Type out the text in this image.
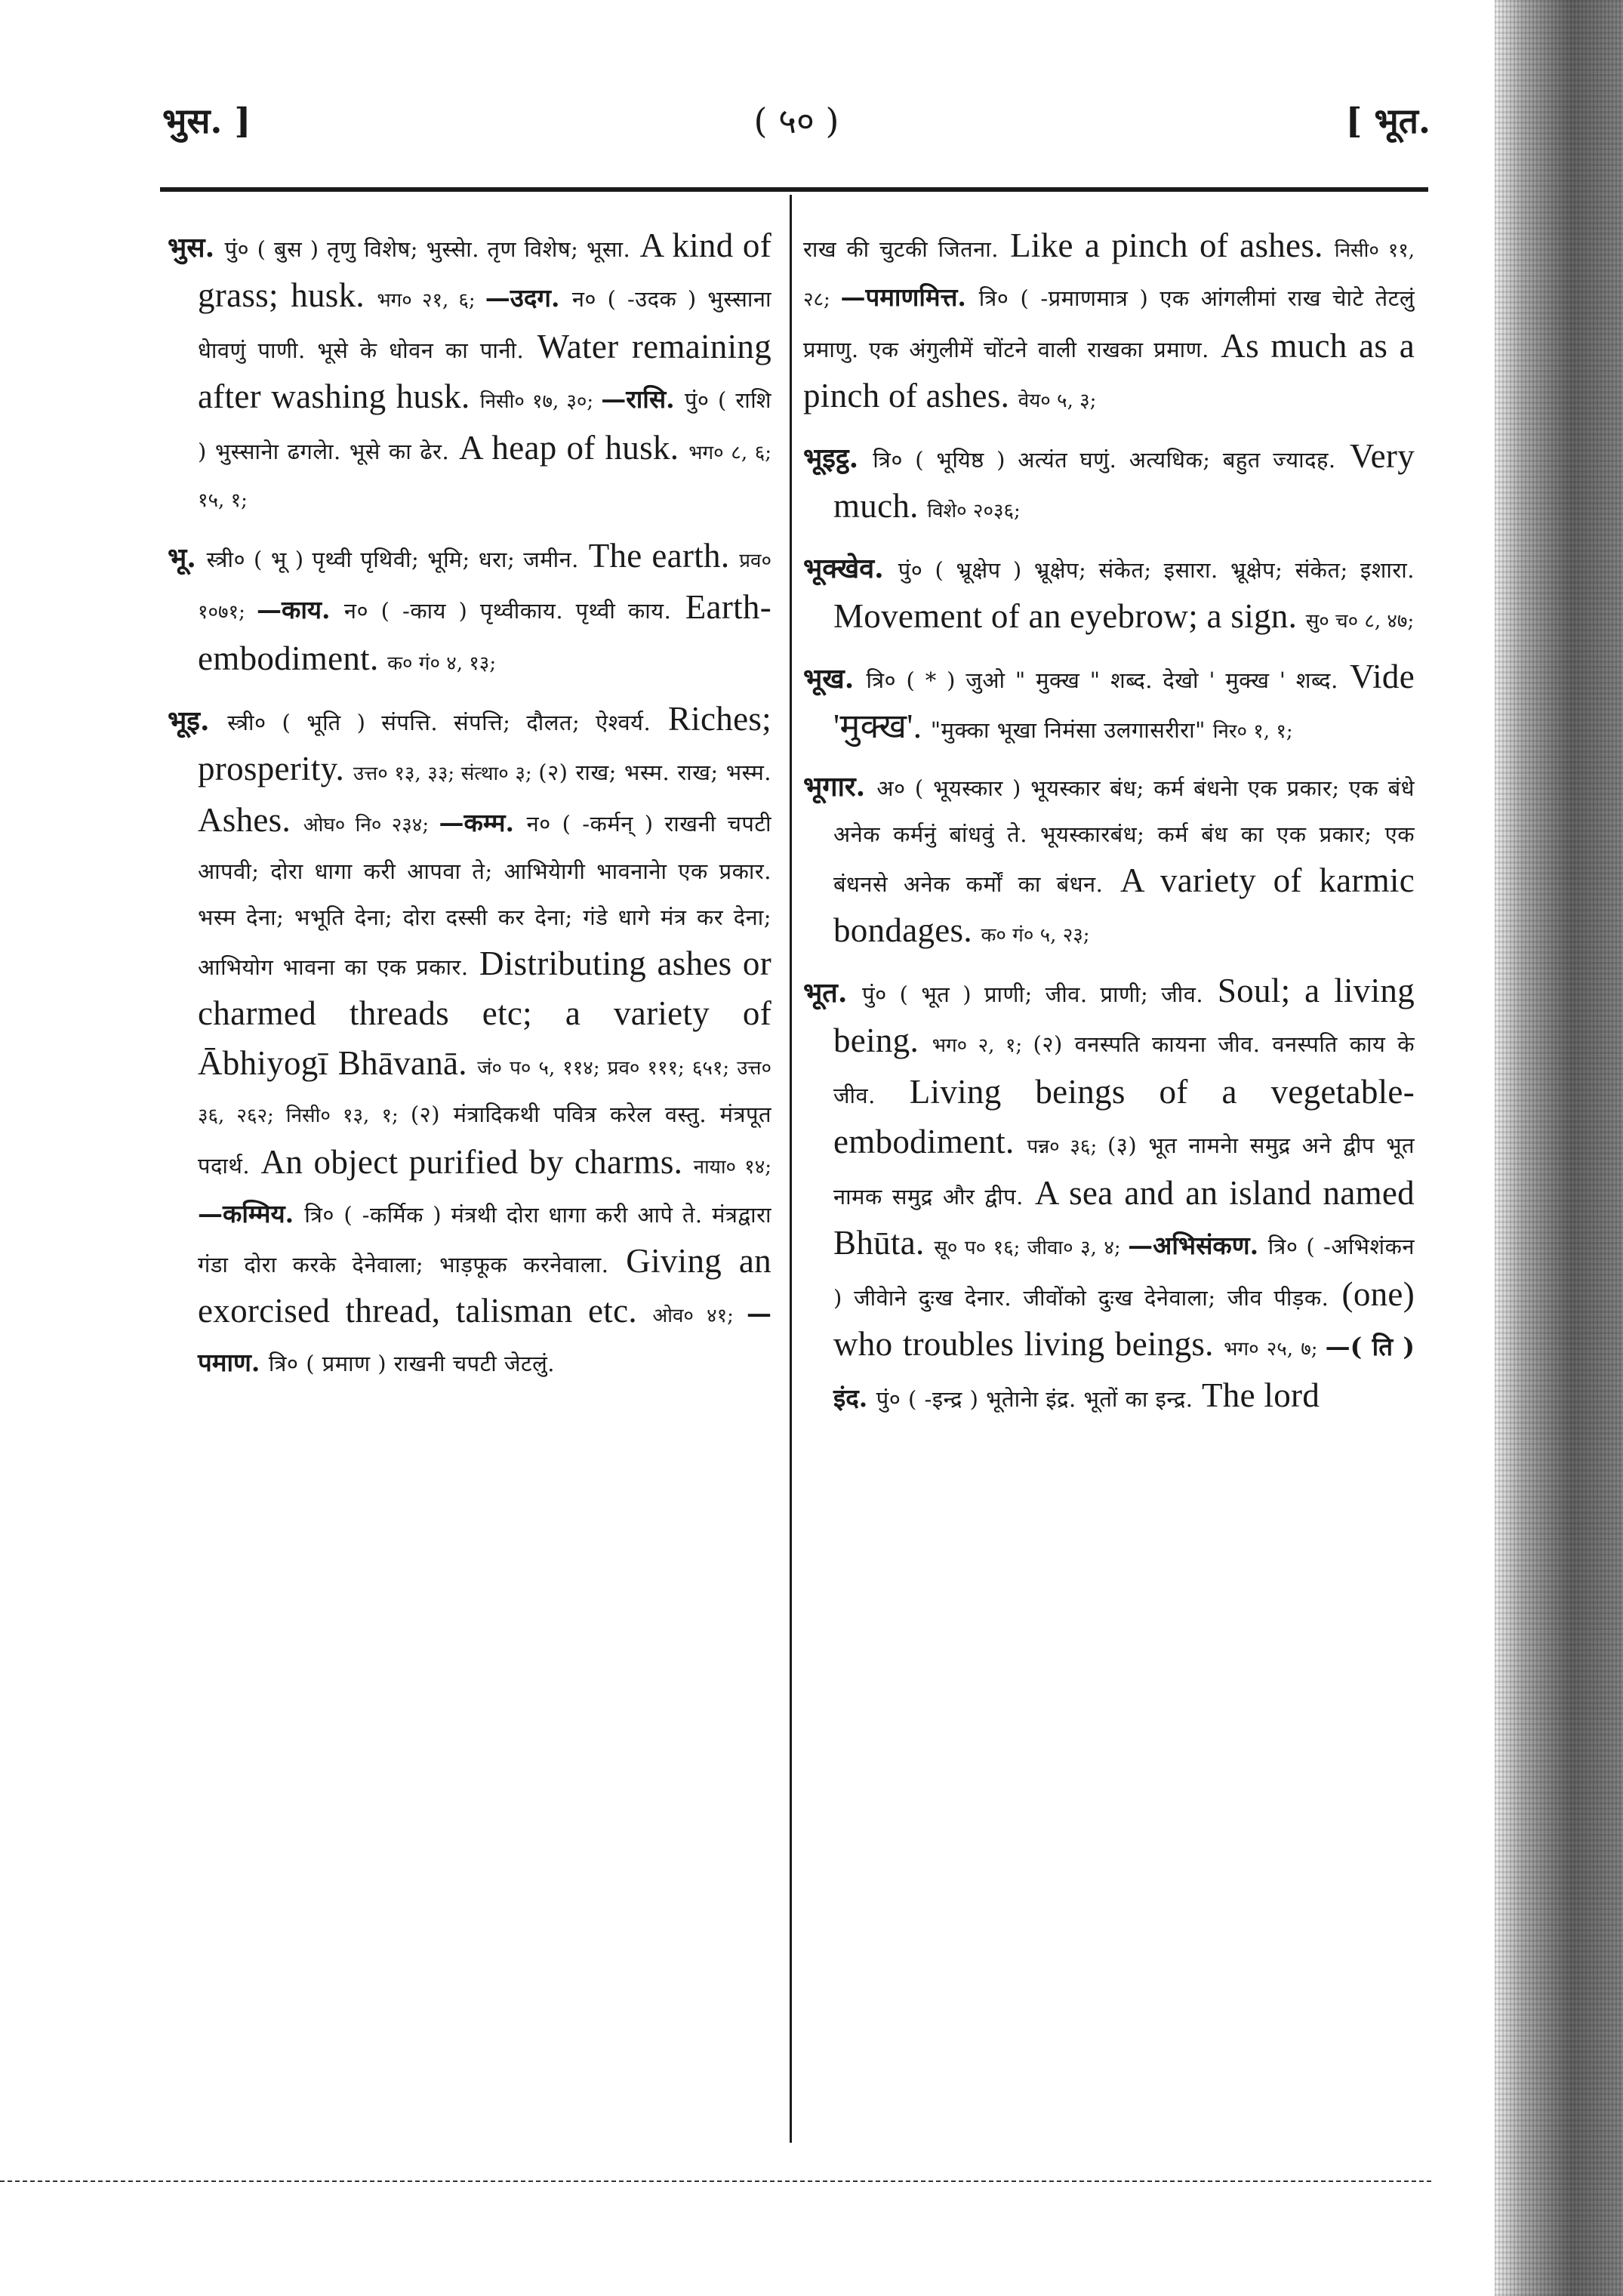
भुस. ]	( ५० )	[ भूत.

भुस. पुं० ( बुस ) तृणु विशेष; भुस्सेा. तृण विशेष; भूसा. A kind of grass; husk. भग० २१, ६; —उदग. न० ( -उदक ) भुस्साना धेावणुं पाणी. भूसे के धोवन का पानी. Water remaining after washing husk. निसी० १७, ३०; —रासि. पुं० ( राशि ) भुस्सानेा ढगलेा. भूसे का ढेर. A heap of husk. भग० ८, ६; १५, १;

भू. स्त्री० ( भू ) पृथ्वी पृथिवी; भूमि; धरा; जमीन. The earth. प्रव० १०७१; —काय. न० ( -काय ) पृथ्वीकाय. पृथ्वी काय. Earth-embodiment. क० गं० ४, १३;

भूइ. स्त्री० ( भूति ) संपत्ति. संपत्ति; दौलत; ऐश्वर्य. Riches; prosperity. उत्त० १३, ३३; संत्था० ३; (२) राख; भस्म. राख; भस्म. Ashes. ओघ० नि० २३४; —कम्म. न० ( -कर्मन् ) राखनी चपटी आपवी; दोरा धागा करी आपवा ते; आभियेागी भावनानेा एक प्रकार. भस्म देना; भभूति देना; दोरा दस्सी कर देना; गंडे धागे मंत्र कर देना; आभियोग भावना का एक प्रकार. Distributing ashes or charmed threads etc; a variety of Ābhiyogī Bhāvanā. जं० प० ५, ११४; प्रव० १११; ६५१; उत्त० ३६, २६२; निसी० १३, १; (२) मंत्रादिकथी पवित्र करेल वस्तु. मंत्रपूत पदार्थ. An object purified by charms. नाया० १४; —कम्मिय. त्रि० ( -कर्मिक ) मंत्रथी दोरा धागा करी आपे ते. मंत्रद्वारा गंडा दोरा करके देनेवाला; भाड़फूक करनेवाला. Giving an exorcised thread, talisman etc. ओव० ४१; —पमाण. त्रि० ( प्रमाण ) राखनी चपटी जेटलुं.

राख की चुटकी जितना. Like a pinch of ashes. निसी० ११, २८; —पमाणमित्त. त्रि० ( -प्रमाणमात्र ) एक आंगलीमां राख चेाटे तेटलुं प्रमाणु. एक अंगुलीमें चोंटने वाली राखका प्रमाण. As much as a pinch of ashes. वेय० ५, ३;

भूइट्ठ. त्रि० ( भूयिष्ठ ) अत्यंत घणुं. अत्यधिक; बहुत ज्यादह. Very much. विशे० २०३६;

भूक्खेव. पुं० ( भ्रूक्षेप ) भ्रूक्षेप; संकेत; इसारा. भ्रूक्षेप; संकेत; इशारा. Movement of an eyebrow; a sign. सु० च० ८, ४७;

भूख. त्रि० ( * ) जुओ " मुक्ख " शब्द. देखो ' मुक्ख ' शब्द. Vide 'मुक्ख'. "मुक्का भूखा निमंसा उलगासरीरा" निर० १, १;

भूगार. अ० ( भूयस्कार ) भूयस्कार बंध; कर्म बंधनेा एक प्रकार; एक बंधे अनेक कर्मनुं बांधवुं ते. भूयस्कारबंध; कर्म बंध का एक प्रकार; एक बंधनसे अनेक कर्मों का बंधन. A variety of karmic bondages. क० गं० ५, २३;

भूत. पुं० ( भूत ) प्राणी; जीव. प्राणी; जीव. Soul; a living being. भग० २, १; (२) वनस्पति कायना जीव. वनस्पति काय के जीव. Living beings of a vegetable-embodiment. पन्न० ३६; (३) भूत नामनेा समुद्र अने द्वीप भूत नामक समुद्र और द्वीप. A sea and an island named Bhūta. सू० प० १६; जीवा० ३, ४; —अभिसंकण. त्रि० ( -अभिशंकन ) जीवेाने दुःख देनार. जीवोंको दुःख देनेवाला; जीव पीड़क. (one) who troubles living beings. भग० २५, ७; —( ति ) इंद. पुं० ( -इन्द्र ) भूतेानेा इंद्र. भूतों का इन्द्र. The lord
